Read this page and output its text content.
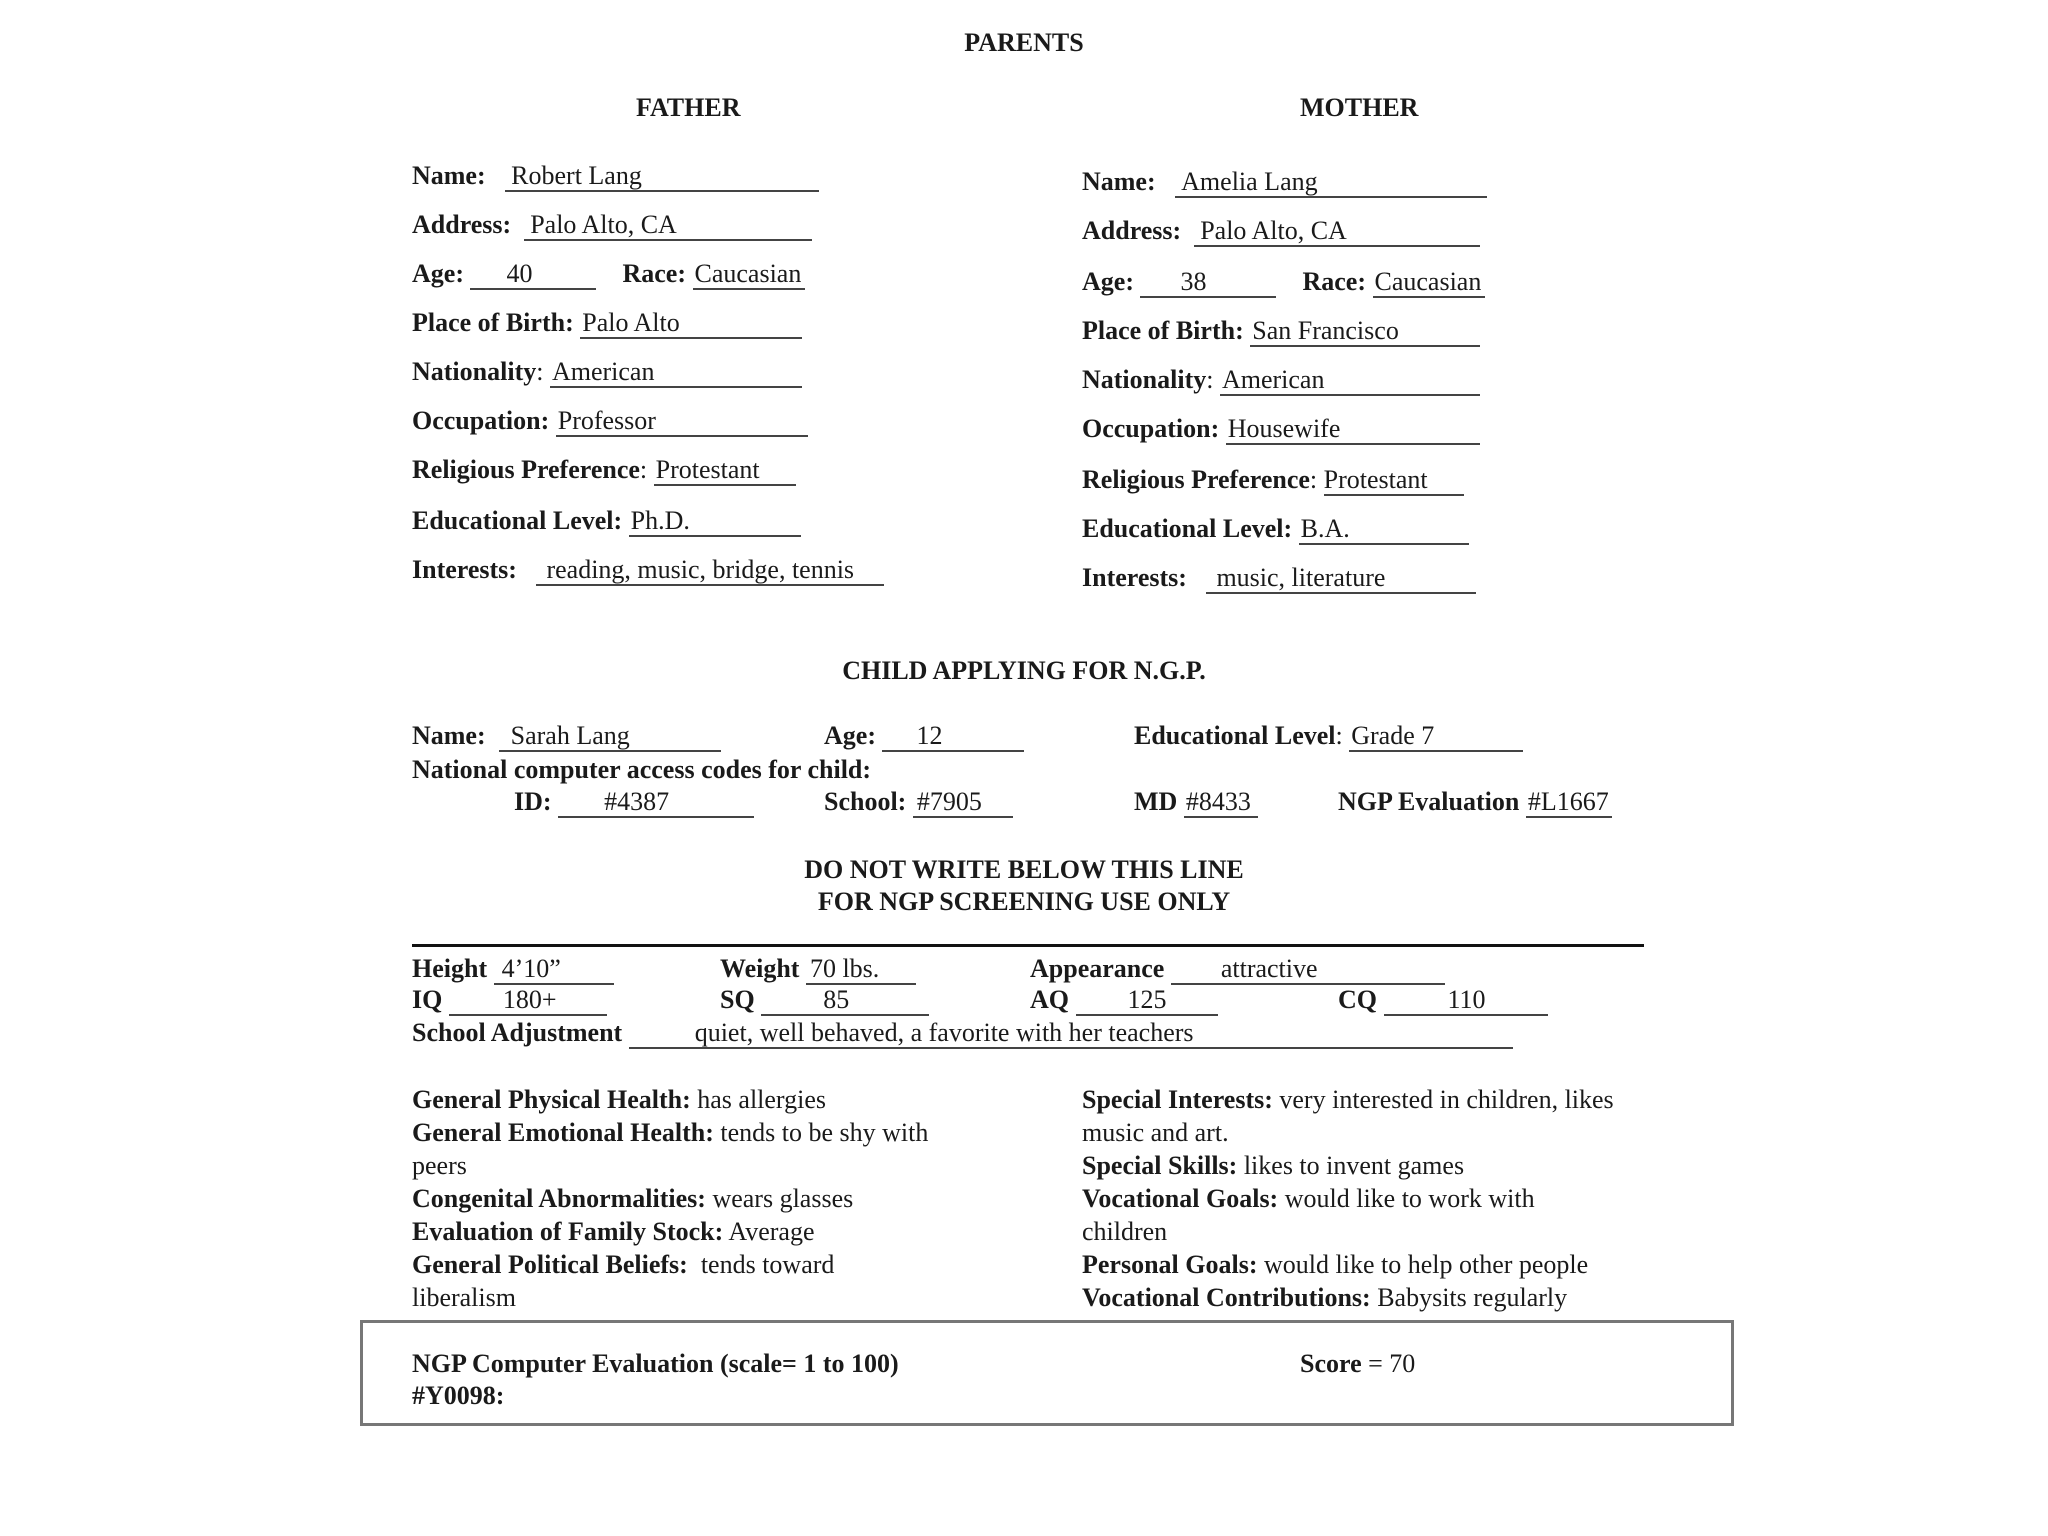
PARENTS
FATHER
Name: Robert Lang
Address: Palo Alto, CA
Age: 40	Race: Caucasian
Place of Birth: Palo Alto
Nationality: American
Occupation: Professor
Religious Preference: Protestant
Educational Level: Ph.D.
Interests: reading, music, bridge, tennis
MOTHER
Name: Amelia Lang
Address: Palo Alto, CA
Age: 38	Race: Caucasian
Place of Birth: San Francisco
Nationality: American
Occupation: Housewife
Religious Preference: Protestant
Educational Level: B.A.
Interests: music, literature
CHILD APPLYING FOR N.G.P.
Name: Sarah Lang	Age: 12	Educational Level: Grade 7
National computer access codes for child:
ID: #4387	School: #7905	MD #8433	NGP Evaluation #L1667
DO NOT WRITE BELOW THIS LINE
FOR NGP SCREENING USE ONLY
Height 4’10”	Weight 70 lbs.	Appearance attractive
IQ 180+	SQ	85	AQ 125	CQ	110
School Adjustment	quiet, well behaved, a favorite with her teachers
General Physical Health: has allergies
General Emotional Health: tends to be shy with peers
Congenital Abnormalities: wears glasses
Evaluation of Family Stock: Average
General Political Beliefs: tends toward liberalism
Special Interests: very interested in children, likes music and art.
Special Skills: likes to invent games
Vocational Goals: would like to work with children
Personal Goals: would like to help other people
Vocational Contributions: Babysits regularly
NGP Computer Evaluation (scale= 1 to 100)
#Y0098:
Score = 70
